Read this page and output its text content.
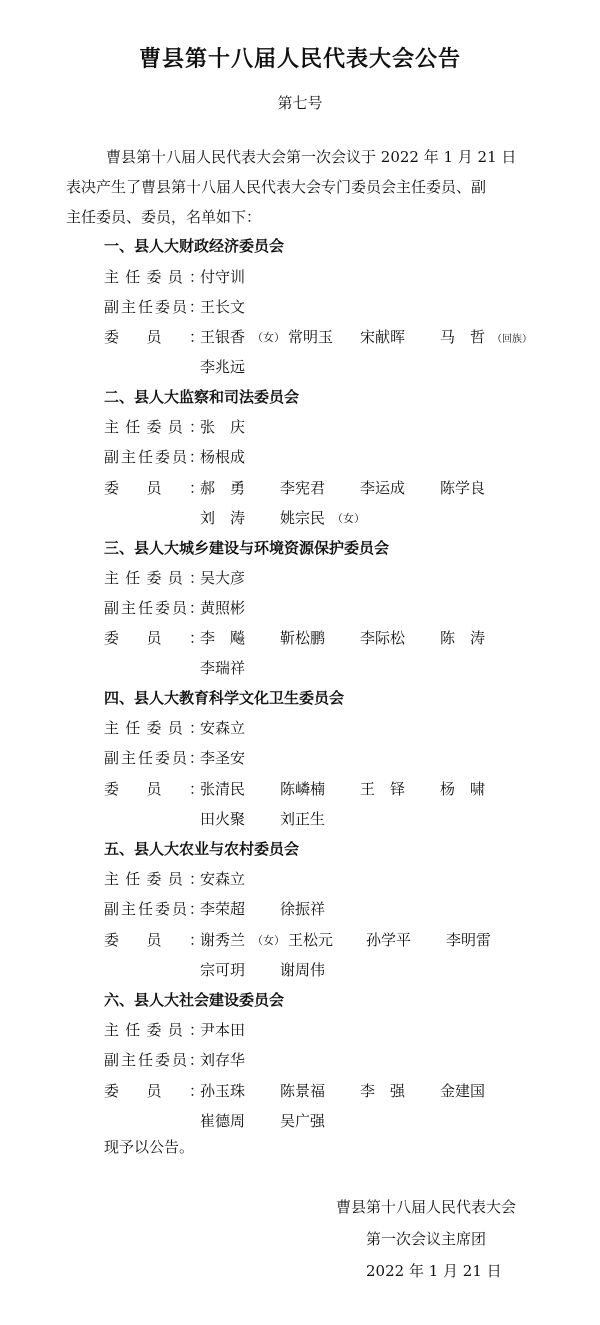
曹县第十八届人民代表大会公告
第七号
曹县第十八届人民代表大会第一次会议于 2022 年 1 月 21 日
表决产生了曹县第十八届人民代表大会专门委员会主任委员、副
主任委员、委员，名单如下：
一、县人大财政经济委员会
主 任 委 员 ：
付守训
副 主 任 委 员 ：
王长文
委 员 ：
王银香 （女） 常明玉 宋献晖 马　哲 （回族）
李兆远
二、县人大监察和司法委员会
主 任 委 员 ：
张　庆
副 主 任 委 员 ：
杨根成
委 员 ：
郝　勇 李宪君 李运成 陈学良
刘　涛 姚宗民 （女）
三、县人大城乡建设与环境资源保护委员会
主 任 委 员 ：
吴大彦
副 主 任 委 员 ：
黄照彬
委 员 ：
李　飚 靳松鹏 李际松 陈　涛
李瑞祥
四、县人大教育科学文化卫生委员会
主 任 委 员 ：
安森立
副 主 任 委 员 ：
李圣安
委 员 ：
张清民 陈嶙楠 王　铎 杨　啸
田火聚 刘正生
五、县人大农业与农村委员会
主 任 委 员 ：
安森立
副 主 任 委 员 ：
李荣超 徐振祥
委 员 ：
谢秀兰 （女） 王松元 孙学平 李明雷
宗可玥 谢周伟
六、县人大社会建设委员会
主 任 委 员 ：
尹本田
副 主 任 委 员 ：
刘存华
委 员 ：
孙玉珠 陈景福 李　强 金建国
崔德周 吴广强
现予以公告。
曹县第十八届人民代表大会
第一次会议主席团
2022 年 1 月 21 日
